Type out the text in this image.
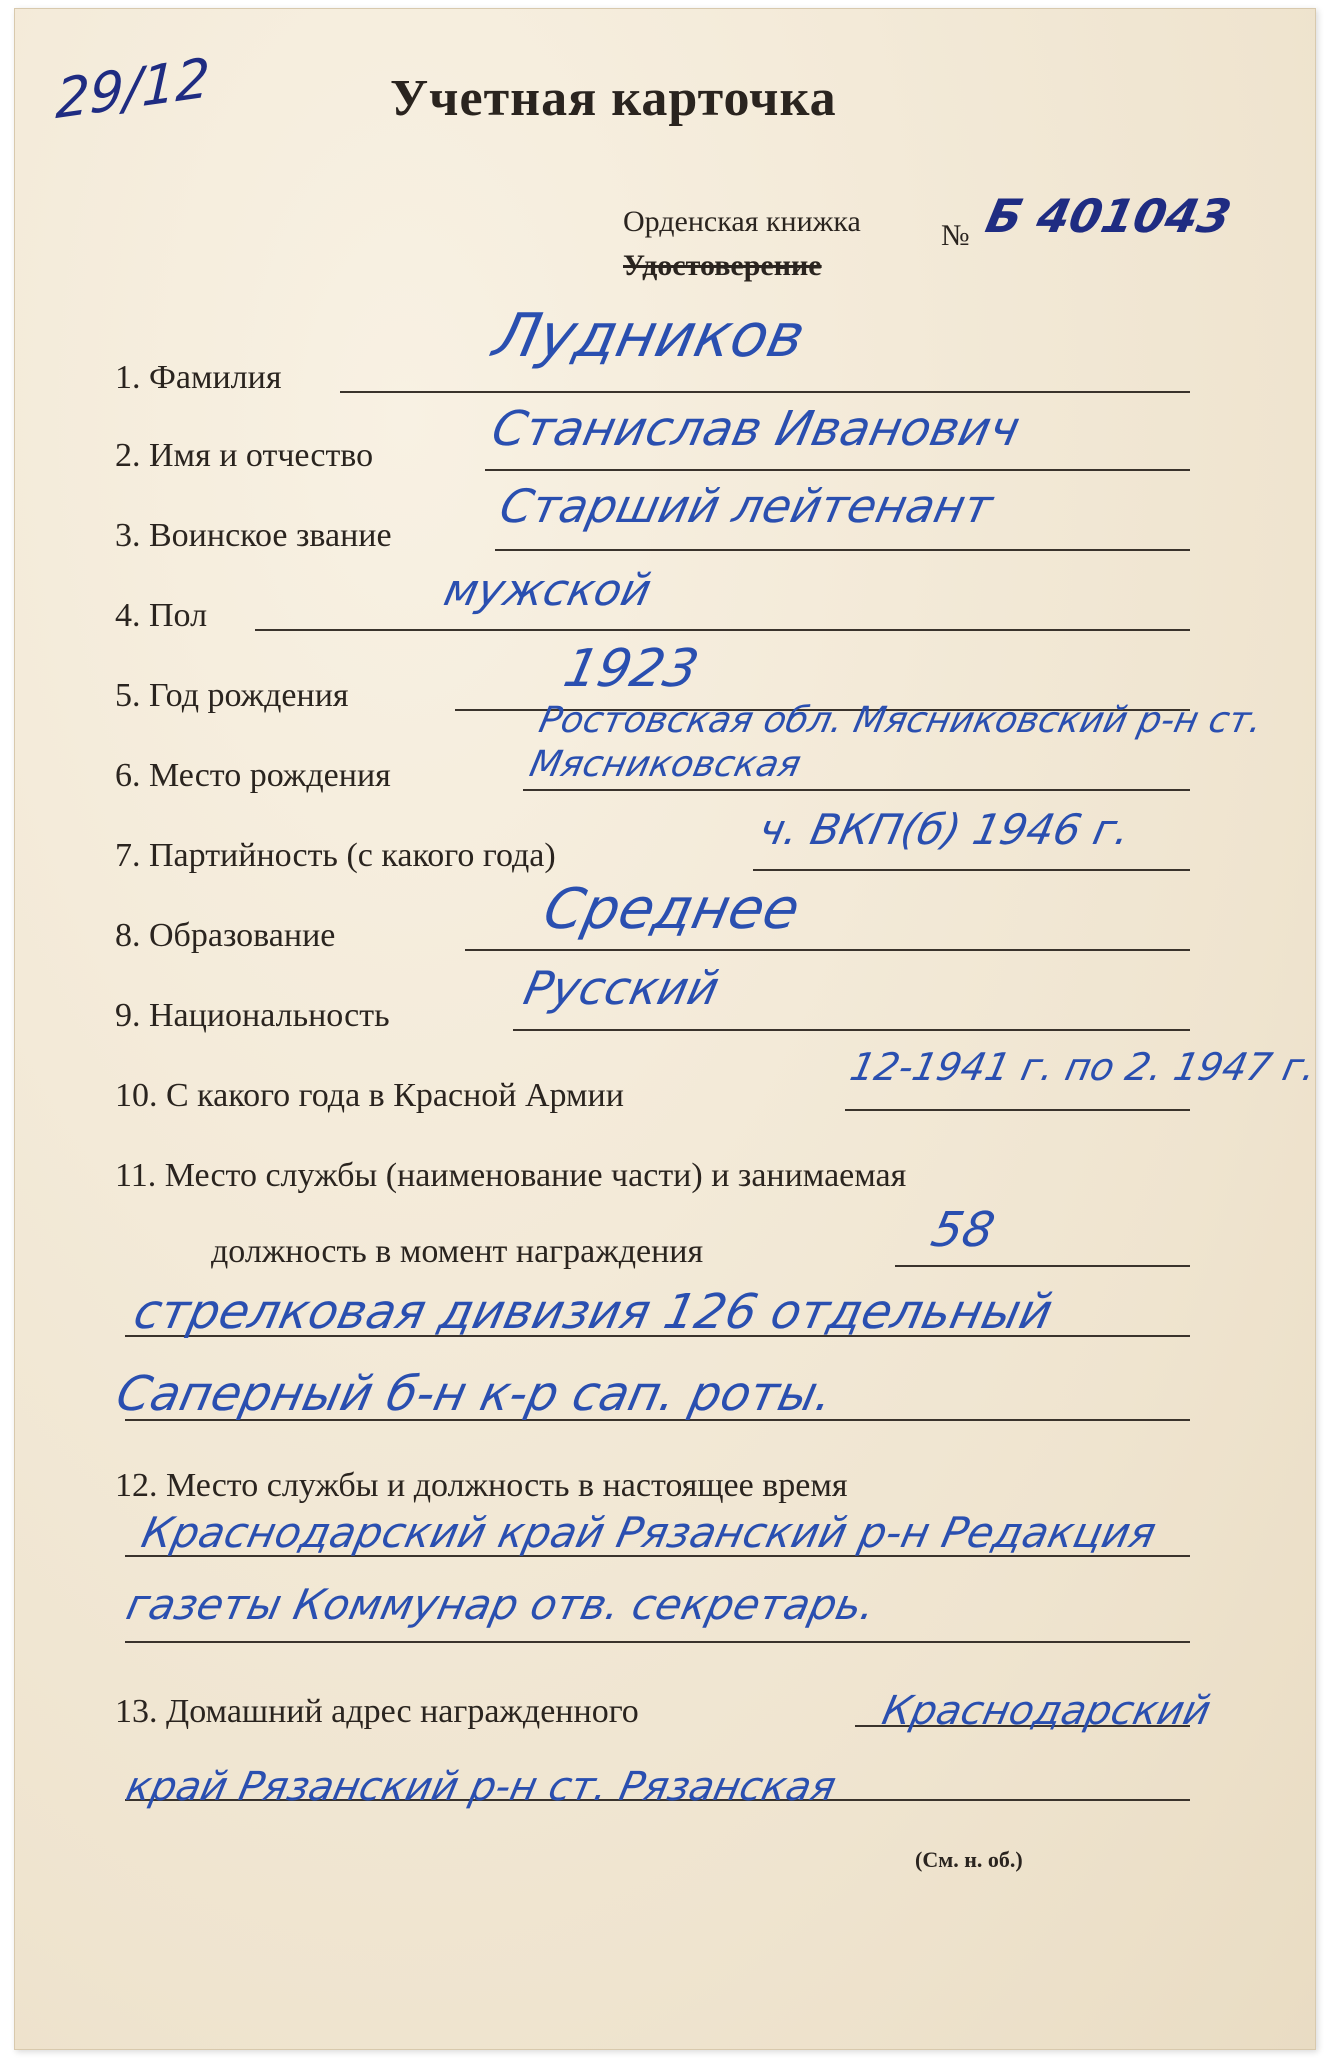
29/12	Учетная карточка
Орденская книжка
Удостоверение
№ Б 401043
1. Фамилия
Лудников
2. Имя и отчество Станислав Иванович
3. Воинское звание
Старший лейтенант
4. Пол	мужской
5. Год рождения	1923
6. Место рождения
Ростовская обл. Мясниковский р-н ст. Мясниковская
7. Партийность (с какого года)
ч. ВКП(б) 1946 г.
8. Образование	Среднее
9. Национальность
Русский
10. С какого года в Красной Армии
12-1941 г. по 2. 1947 г.
11. Место службы (наименование части) и занимаемая
должность в момент награждения	58 стрелковая дивизия 126 отдельный Саперный б-н к-р сап. роты.
12. Место службы и должность в настоящее время
Краснодарский край Рязанский р-н Редакция газеты Коммунар отв. секретарь.
13. Домашний адрес награжденного	Краснодарский край Рязанский р-н ст. Рязанская
(См. н. об.)
